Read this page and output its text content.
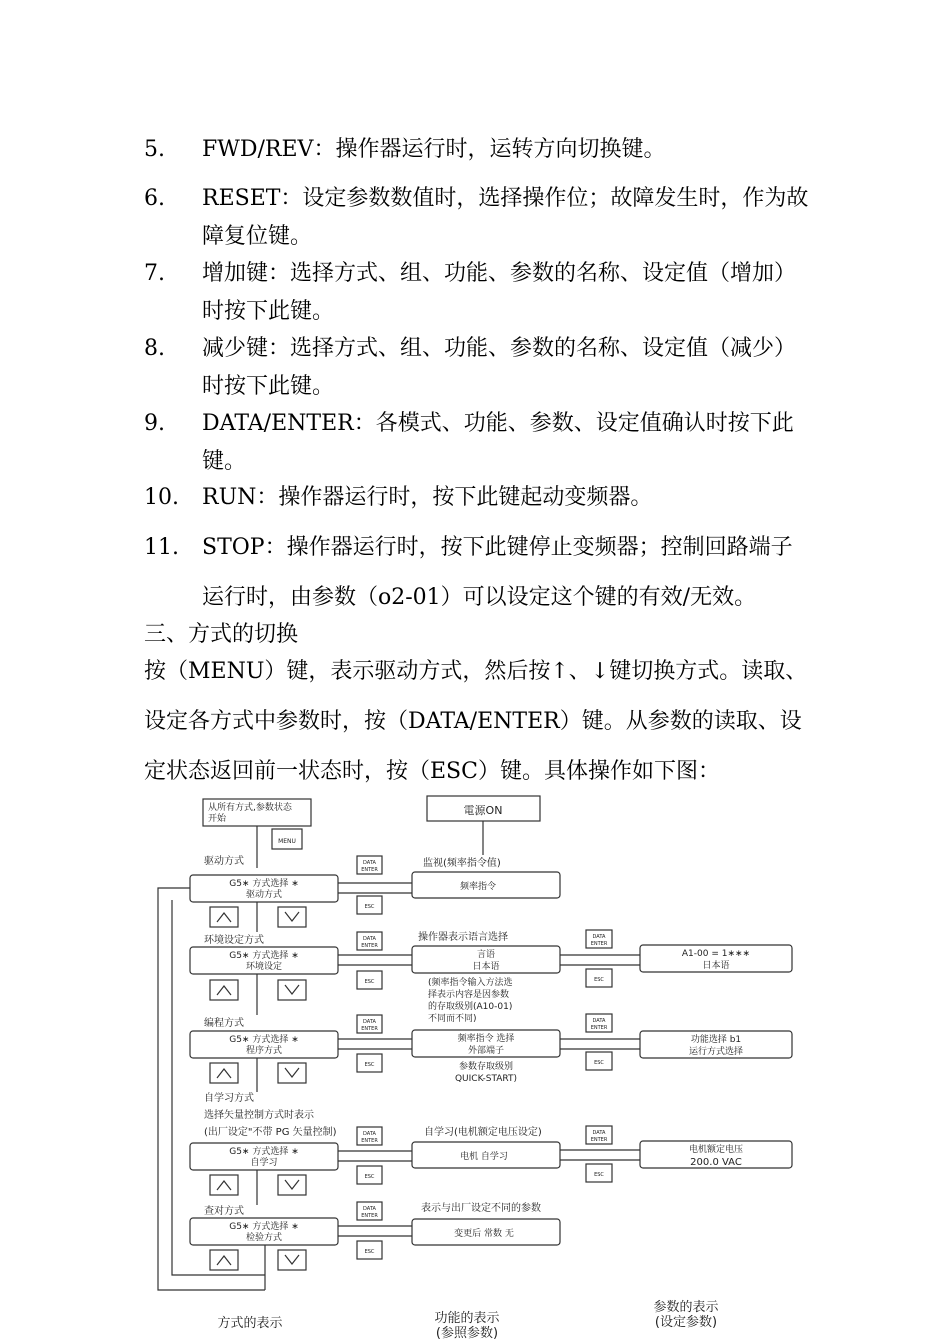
5. FWD/REV：操作器运行时，运转方向切换键。
6. RESET：设定参数数值时，选择操作位；故障发生时，作为故障复位键。
7. 增加键：选择方式、组、功能、参数的名称、设定值（增加）时按下此键。
8. 减少键：选择方式、组、功能、参数的名称、设定值（减少）时按下此键。
9. DATA/ENTER：各模式、功能、参数、设定值确认时按下此键。
10. RUN：操作器运行时，按下此键起动变频器。
11. STOP：操作器运行时，按下此键停止变频器；控制回路端子
运行时，由参数（o2-01）可以设定这个键的有效/无效。
三、方式的切换
按（MENU）键，表示驱动方式，然后按↑、↓键切换方式。读取、
设定各方式中参数时，按（DATA/ENTER）键。从参数的读取、设
定状态返回前一状态时，按（ESC）键。具体操作如下图：
从所有方式,参数状态
开始
MENU
電源ON
驱动方式
G5∗ 方式选择 ∗
驱动方式
DATA
ENTER
ESC
监视(频率指令值)
频率指令
环境设定方式
G5∗ 方式选择 ∗
环境设定
DATA
ENTER
ESC
操作器表示语言选择
言语
日本语
(频率指令输入方法选
择表示内容是因参数
的存取级别(A10-01)
不同而不同)
DATA
ENTER
ESC
A1-00 = 1∗∗∗
日本语
编程方式
G5∗ 方式选择 ∗
程序方式
DATA
ENTER
ESC
频率指令 选择
外部端子
参数存取级别
QUICK-START)
DATA
ENTER
ESC
功能选择 b1
运行方式选择
自学习方式
选择矢量控制方式时表示
(出厂设定"不带 PG 矢量控制)
G5∗ 方式选择 ∗
自学习
DATA
ENTER
ESC
自学习(电机额定电压设定)
电机 自学习
DATA
ENTER
ESC
电机额定电压
200.0 VAC
查对方式
G5∗ 方式选择 ∗
检验方式
DATA
ENTER
ESC
表示与出厂设定不同的参数
变更后 常数 无
方式的表示	功能的表示
(参照参数)
参数的表示
(设定参数)
